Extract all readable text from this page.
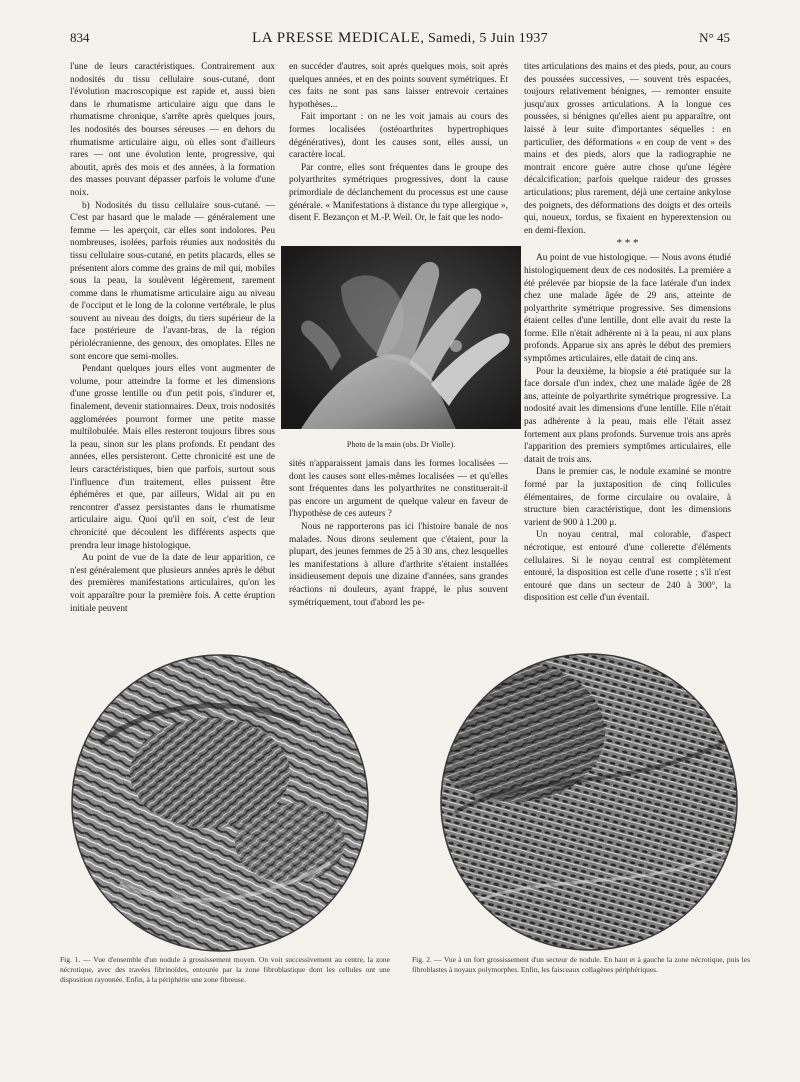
834	LA PRESSE MEDICALE, Samedi, 5 Juin 1937	N° 45

l'une de leurs caractéristiques. Contrairement aux nodosités du tissu cellulaire sous-cutané, dont l'évolution macroscopique est rapide et, aussi bien dans le rhumatisme articulaire aigu que dans le rhumatisme chronique, s'arrête après quelques jours, les nodosités des bourses séreuses — en dehors du rhumatisme articulaire aigu, où elles sont d'ailleurs rares — ont une évolution lente, progressive, qui aboutit, après des mois et des années, à la formation des masses pouvant dépasser parfois le volume d'une noix.

b) Nodosités du tissu cellulaire sous-cutané. — C'est par hasard que le malade — généralement une femme — les aperçoit, car elles sont indolores. Peu nombreuses, isolées, parfois réunies aux nodosités du tissu cellulaire sous-cutané, en petits placards, elles se présentent alors comme des grains de mil qui, mobiles sous la peau, la soulèvent légèrement, rarement comme dans le rhumatisme articulaire aigu au niveau de l'occiput et le long de la colonne vertébrale, le plus souvent au niveau des doigts, du tiers supérieur de la face postérieure de l'avant-bras, de la région périolécranienne, des genoux, des omoplates. Elles ne sont encore que semi-molles.

Pendant quelques jours elles vont augmenter de volume, pour atteindre la forme et les dimensions d'une grosse lentille ou d'un petit pois, s'indurer et, finalement, devenir stationnaires. Deux, trois nodosités agglomérées pourront former une petite masse multilobulée. Mais elles resteront toujours libres sous la peau, sinon sur les plans profonds. Et pendant des années, elles persisteront. Cette chronicité est une de leurs caractéristiques, bien que parfois, surtout sous l'influence d'un traitement, elles puissent être éphémères et que, par ailleurs, Widal ait pu en rencontrer d'assez persistantes dans le rhumatisme articulaire aigu. Quoi qu'il en soit, c'est de leur chronicité que découlent les différents aspects que prendra leur image histologique.

Au point de vue de la date de leur apparition, ce n'est généralement que plusieurs années après le début des premières manifestations articulaires, qu'on les voit apparaître pour la première fois. A cette éruption initiale peuvent

en succéder d'autres, soit après quelques mois, soit après quelques années, et en des points souvent symétriques. Et ces faits ne sont pas sans laisser entrevoir certaines hypothèses...

Fait important : on ne les voit jamais au cours des formes localisées (ostéoarthrites hypertrophiques dégénératives), dont les causes sont, elles aussi, un caractère local.

Par contre, elles sont fréquentes dans le groupe des polyarthrites symétriques progressives, dont la cause primordiale de déclanchement du processus est une cause générale. « Manifestations à distance du type allergique », disent F. Bezançon et M.-P. Weil. Or, le fait que les nodo-

Photo de la main (obs. Dr Violle).

sités n'apparaissent jamais dans les formes localisées — dont les causes sont elles-mêmes localisées — et qu'elles sont fréquentes dans les polyarthrites ne constituerait-il pas encore un argument de quelque valeur en faveur de l'hypothèse de ces auteurs ?

Nous ne rapporterons pas ici l'histoire banale de nos malades. Nous dirons seulement que c'étaient, pour la plupart, des jeunes femmes de 25 à 30 ans, chez lesquelles les manifestations à allure d'arthrite s'étaient installées insidieusement depuis une dizaine d'années, sans grandes réactions ni douleurs, ayant frappé, le plus souvent symétriquement, tout d'abord les pe-

tites articulations des mains et des pieds, pour, au cours des poussées successives, — souvent très espacées, toujours relativement bénignes, — remonter ensuite jusqu'aux grosses articulations. A la longue ces poussées, si bénignes qu'elles aient pu apparaître, ont laissé à leur suite d'importantes séquelles : en particulier, des déformations « en coup de vent » des mains et des pieds, alors que la radiographie ne montrait encore guère autre chose qu'une légère décalcification; parfois quelque raideur des grosses articulations; plus rarement, déjà une certaine ankylose des poignets, des déformations des doigts et des orteils qui, noueux, tordus, se fixaient en hyperextension ou en demi-flexion.

* * *

Au point de vue histologique. — Nous avons étudié histologiquement deux de ces nodosités. La première a été prélevée par biopsie de la face latérale d'un index chez une malade âgée de 29 ans, atteinte de polyarthrite symétrique progressive. Ses dimensions étaient celles d'une lentille, dont elle avait du reste la forme. Elle n'était adhérente ni à la peau, ni aux plans profonds. Apparue six ans après le début des premiers symptômes articulaires, elle datait de cinq ans.

Pour la deuxième, la biopsie a été pratiquée sur la face dorsale d'un index, chez une malade âgée de 28 ans, atteinte de polyarthrite symétrique progressive. La nodosité avait les dimensions d'une lentille. Elle n'était pas adhérente à la peau, mais elle l'était assez fortement aux plans profonds. Survenue trois ans après l'apparition des premiers symptômes articulaires, elle datait de trois ans.

Dans le premier cas, le nodule examiné se montre formé par la juxtaposition de cinq follicules élémentaires, de forme circulaire ou ovalaire, à structure bien caractéristique, dont les dimensions varient de 900 à 1.200 μ.

Un noyau central, mal colorable, d'aspect nécrotique, est entouré d'une collerette d'éléments cellulaires. Si le noyau central est complètement entouré, la disposition est celle d'une rosette ; s'il n'est entouré que dans un secteur de 240 à 300°, la disposition est celle d'un éventail.

Fig. 1. — Vue d'ensemble d'un nodule à grossissement moyen. On voit successivement au centre, la zone nécrotique, avec des travées fibrinoïdes, entourée par la zone fibroblastique dont les cellules ont une disposition rayonnée. Enfin, à la périphérie une zone fibreuse.
Fig. 2. — Vue à un fort grossissement d'un secteur de nodule. En haut et à gauche la zone nécrotique, puis les fibroblastes à noyaux polymorphes. Enfin, les faisceaux collagènes périphériques.
